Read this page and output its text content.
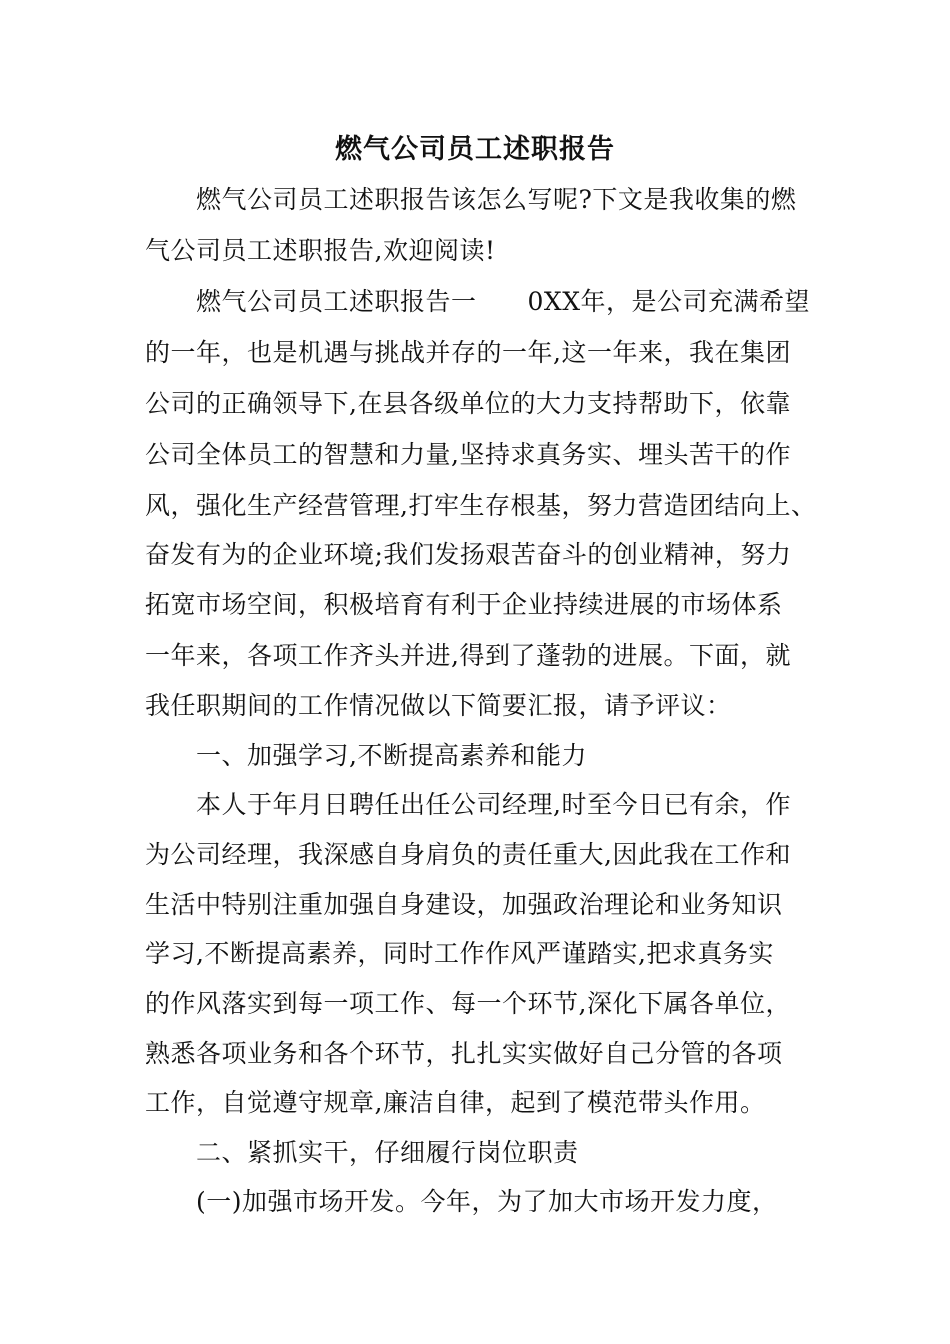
燃气公司员工述职报告
燃气公司员工述职报告该怎么写呢?下文是我收集的燃
气公司员工述职报告,欢迎阅读!
燃气公司员工述职报告一　　0XX年，是公司充满希望
的一年，也是机遇与挑战并存的一年,这一年来，我在集团
公司的正确领导下,在县各级单位的大力支持帮助下，依靠
公司全体员工的智慧和力量,坚持求真务实、埋头苦干的作
风，强化生产经营管理,打牢生存根基，努力营造团结向上、
奋发有为的企业环境;我们发扬艰苦奋斗的创业精神，努力
拓宽市场空间，积极培育有利于企业持续进展的市场体系
一年来，各项工作齐头并进,得到了蓬勃的进展。下面，就
我任职期间的工作情况做以下简要汇报，请予评议：
一、加强学习,不断提高素养和能力
本人于年月日聘任出任公司经理,时至今日已有余，作
为公司经理，我深感自身肩负的责任重大,因此我在工作和
生活中特别注重加强自身建设，加强政治理论和业务知识
学习,不断提高素养，同时工作作风严谨踏实,把求真务实
的作风落实到每一项工作、每一个环节,深化下属各单位，
熟悉各项业务和各个环节，扎扎实实做好自己分管的各项
工作，自觉遵守规章,廉洁自律，起到了模范带头作用。
二、紧抓实干，仔细履行岗位职责
(一)加强市场开发。今年，为了加大市场开发力度，
